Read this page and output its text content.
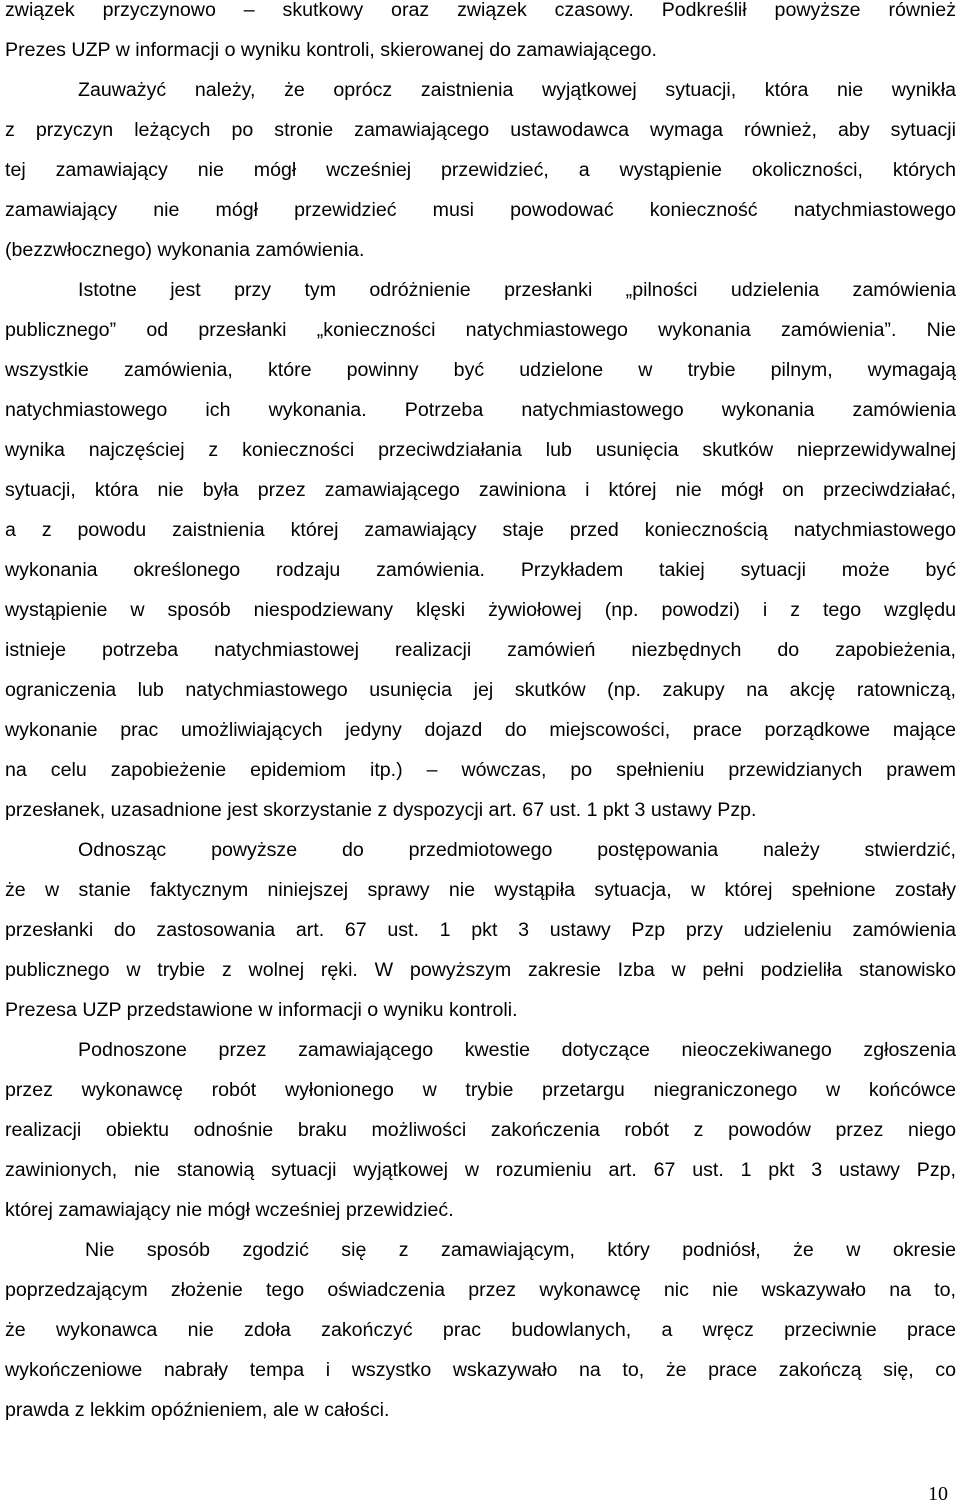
związek przyczynowo – skutkowy oraz związek czasowy. Podkreślił powyższe również
Prezes UZP w informacji o wyniku kontroli, skierowanej do zamawiającego.
Zauważyć należy, że oprócz zaistnienia wyjątkowej sytuacji, która nie wynikła
z przyczyn leżących po stronie zamawiającego ustawodawca wymaga również, aby sytuacji
tej zamawiający nie mógł wcześniej przewidzieć, a wystąpienie okoliczności, których
zamawiający nie mógł przewidzieć musi powodować konieczność natychmiastowego
(bezzwłocznego) wykonania zamówienia.
Istotne jest przy tym odróżnienie przesłanki „pilności udzielenia zamówienia
publicznego” od przesłanki „konieczności natychmiastowego wykonania zamówienia”. Nie
wszystkie zamówienia, które powinny być udzielone w trybie pilnym, wymagają
natychmiastowego ich wykonania. Potrzeba natychmiastowego wykonania zamówienia
wynika najczęściej z konieczności przeciwdziałania lub usunięcia skutków nieprzewidywalnej
sytuacji, która nie była przez zamawiającego zawiniona i której nie mógł on przeciwdziałać,
a z powodu zaistnienia której zamawiający staje przed koniecznością natychmiastowego
wykonania określonego rodzaju zamówienia. Przykładem takiej sytuacji może być
wystąpienie w sposób niespodziewany klęski żywiołowej (np. powodzi) i z tego względu
istnieje potrzeba natychmiastowej realizacji zamówień niezbędnych do zapobieżenia,
ograniczenia lub natychmiastowego usunięcia jej skutków (np. zakupy na akcję ratowniczą,
wykonanie prac umożliwiających jedyny dojazd do miejscowości, prace porządkowe mające
na celu zapobieżenie epidemiom itp.) – wówczas, po spełnieniu przewidzianych prawem
przesłanek, uzasadnione jest skorzystanie z dyspozycji art. 67 ust. 1 pkt 3 ustawy Pzp.
Odnosząc powyższe do przedmiotowego postępowania należy stwierdzić,
że w stanie faktycznym niniejszej sprawy nie wystąpiła sytuacja, w której spełnione zostały
przesłanki do zastosowania art. 67 ust. 1 pkt 3 ustawy Pzp przy udzieleniu zamówienia
publicznego w trybie z wolnej ręki. W powyższym zakresie Izba w pełni podzieliła stanowisko
Prezesa UZP przedstawione w informacji o wyniku kontroli.
Podnoszone przez zamawiającego kwestie dotyczące nieoczekiwanego zgłoszenia
przez wykonawcę robót wyłonionego w trybie przetargu niegraniczonego w końcówce
realizacji obiektu odnośnie braku możliwości zakończenia robót z powodów przez niego
zawinionych, nie stanowią sytuacji wyjątkowej w rozumieniu art. 67 ust. 1 pkt 3 ustawy Pzp,
której zamawiający nie mógł wcześniej przewidzieć.
Nie sposób zgodzić się z zamawiającym, który podniósł, że w okresie
poprzedzającym złożenie tego oświadczenia przez wykonawcę nic nie wskazywało na to,
że wykonawca nie zdoła zakończyć prac budowlanych, a wręcz przeciwnie prace
wykończeniowe nabrały tempa i wszystko wskazywało na to, że prace zakończą się, co
prawda z lekkim opóźnieniem, ale w całości.
10
